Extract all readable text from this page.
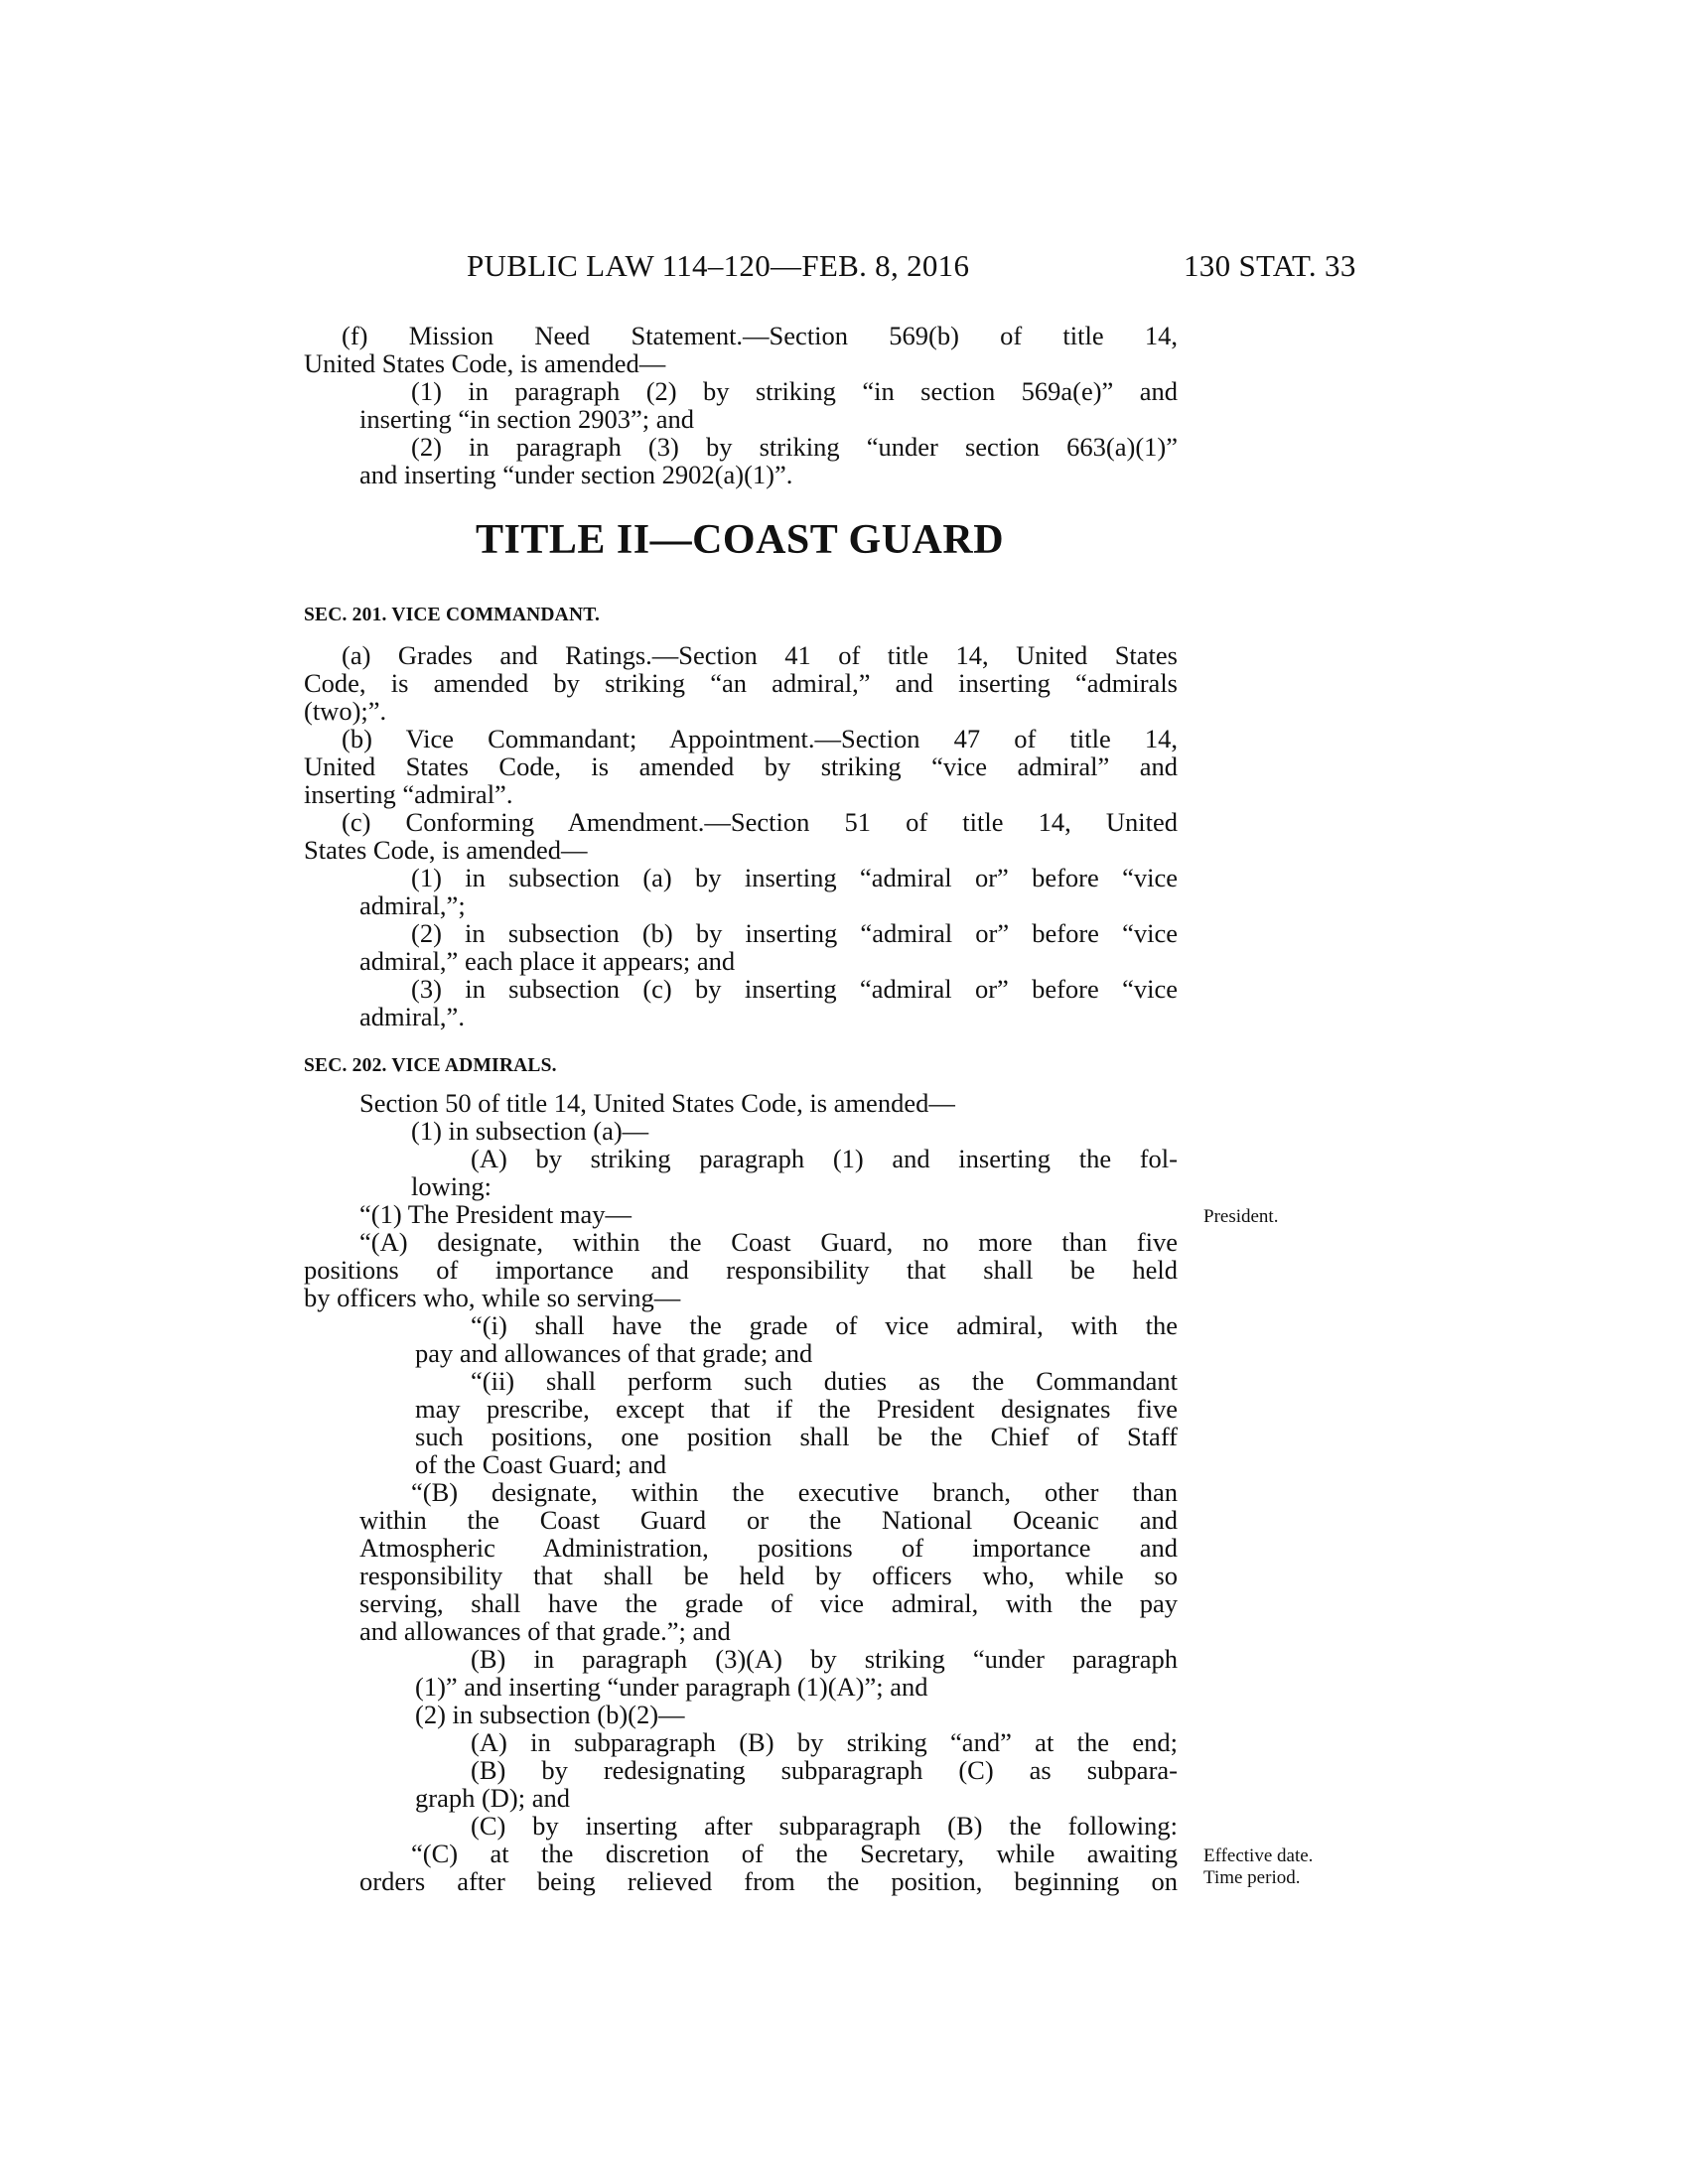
PUBLIC LAW 114–120—FEB. 8, 2016	130 STAT. 33
(f) Mission Need Statement.—Section 569(b) of title 14,
United States Code, is amended—
(1) in paragraph (2) by striking “in section 569a(e)” and
inserting “in section 2903”; and
(2) in paragraph (3) by striking “under section 663(a)(1)”
and inserting “under section 2902(a)(1)”.
TITLE II—COAST GUARD
SEC. 201. VICE COMMANDANT.
(a) Grades and Ratings.—Section 41 of title 14, United States
Code, is amended by striking “an admiral,” and inserting “admirals
(two);”.
(b) Vice Commandant; Appointment.—Section 47 of title 14,
United States Code, is amended by striking “vice admiral” and
inserting “admiral”.
(c) Conforming Amendment.—Section 51 of title 14, United
States Code, is amended—
(1) in subsection (a) by inserting “admiral or” before “vice
admiral,”;
(2) in subsection (b) by inserting “admiral or” before “vice
admiral,” each place it appears; and
(3) in subsection (c) by inserting “admiral or” before “vice
admiral,”.
SEC. 202. VICE ADMIRALS.
Section 50 of title 14, United States Code, is amended—
(1) in subsection (a)—
(A) by striking paragraph (1) and inserting the fol-
lowing:
“(1) The President may—
“(A) designate, within the Coast Guard, no more than five
positions of importance and responsibility that shall be held
by officers who, while so serving—
“(i) shall have the grade of vice admiral, with the
pay and allowances of that grade; and
“(ii) shall perform such duties as the Commandant
may prescribe, except that if the President designates five
such positions, one position shall be the Chief of Staff
of the Coast Guard; and
“(B) designate, within the executive branch, other than
within the Coast Guard or the National Oceanic and
Atmospheric Administration, positions of importance and
responsibility that shall be held by officers who, while so
serving, shall have the grade of vice admiral, with the pay
and allowances of that grade.”; and
(B) in paragraph (3)(A) by striking “under paragraph
(1)” and inserting “under paragraph (1)(A)”; and
(2) in subsection (b)(2)—
(A) in subparagraph (B) by striking “and” at the end;
(B) by redesignating subparagraph (C) as subpara-
graph (D); and
(C) by inserting after subparagraph (B) the following:
“(C) at the discretion of the Secretary, while awaiting
orders after being relieved from the position, beginning on
President.
Effective date.
Time period.
